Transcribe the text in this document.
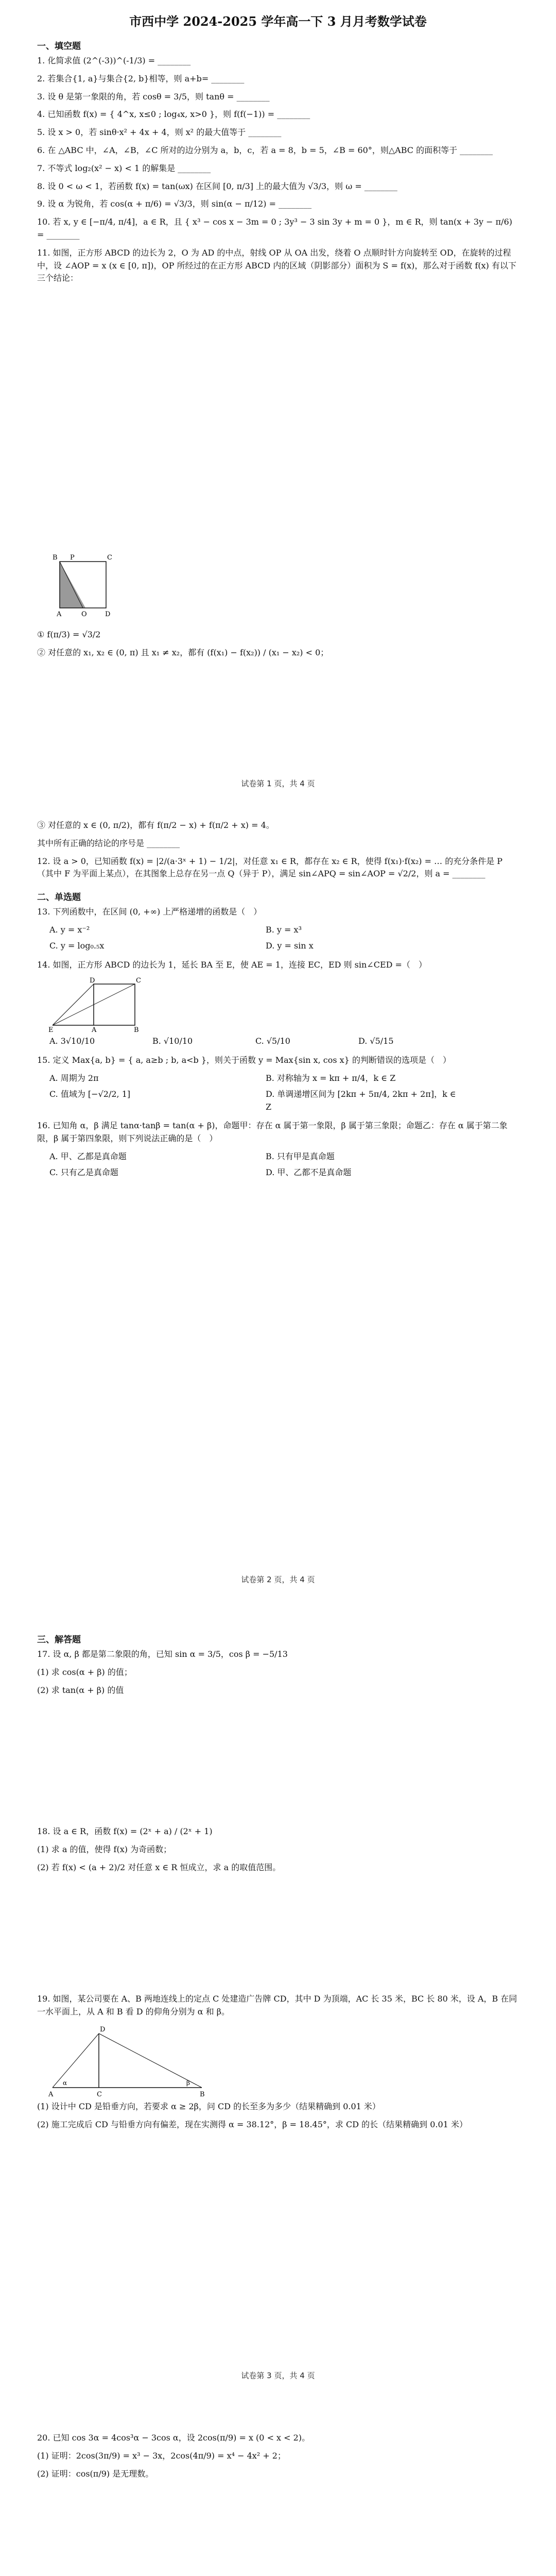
市西中学 2024-2025 学年高一下 3 月月考数学试卷
一、填空题

1. 化简求值 (2^(-3))^(-1/3) = ________

2. 若集合{1, a}与集合{2, b}相等，则 a+b= ________

3. 设 θ 是第一象限的角，若 cosθ = 3/5，则 tanθ = ________

4. 已知函数 f(x) = { 4^x, x≤0 ; log₄x, x>0 }，则 f(f(−1)) = ________

5. 设 x > 0，若 sinθ·x² + 4x + 4，则 x² 的最大值等于 ________

6. 在 △ABC 中，∠A，∠B，∠C 所对的边分别为 a，b，c，若 a = 8，b = 5，∠B = 60°，则△ABC 的面积等于 ________

7. 不等式 log₂(x² − x) < 1 的解集是 ________

8. 设 0 < ω < 1，若函数 f(x) = tan(ωx) 在区间 [0, π/3] 上的最大值为 √3/3，则 ω = ________

9. 设 α 为锐角，若 cos(α + π/6) = √3/3，则 sin(α − π/12) = ________

10. 若 x, y ∈ [−π/4, π/4]，a ∈ R，且 { x³ − cos x − 3m = 0 ; 3y³ − 3 sin 3y + m = 0 }，m ∈ R，则 tan(x + 3y − π/6) = ________

11. 如图，正方形 ABCD 的边长为 2，O 为 AD 的中点，射线 OP 从 OA 出发，绕着 O 点顺时针方向旋转至 OD，在旋转的过程中，设 ∠AOP = x (x ∈ [0, π])，OP 所经过的在正方形 ABCD 内的区域（阴影部分）面积为 S = f(x)，那么对于函数 f(x) 有以下三个结论：

B P	C
A	O	D

① f(π/3) = √3/2

② 对任意的 x₁, x₂ ∈ (0, π) 且 x₁ ≠ x₂，都有 (f(x₁) − f(x₂)) / (x₁ − x₂) < 0；

试卷第 1 页，共 4 页

③ 对任意的 x ∈ (0, π/2)，都有 f(π/2 − x) + f(π/2 + x) = 4。

其中所有正确的结论的序号是 ________

12. 设 a > 0，已知函数 f(x) = |2/(a·3ˣ + 1) − 1/2|，对任意 x₁ ∈ R，都存在 x₂ ∈ R，使得 f(x₁)·f(x₂) = … 的充分条件是 P（其中 F 为平面上某点），在其图象上总存在另一点 Q（异于 P），满足 sin∠APQ = sin∠AOP = √2/2，则 a = ________

二、单选题

13. 下列函数中，在区间 (0, +∞) 上严格递增的函数是（　）

A. y = x⁻²	B. y = x³
C. y = log₀.₅x	D. y = sin x

14. 如图，正方形 ABCD 的边长为 1，延长 BA 至 E，使 AE = 1，连接 EC，ED 则 sin∠CED =（　）

D	C
E	A	B
A. 3√10/10	B. √10/10	C. √5/10	D. √5/15

15. 定义 Max{a, b} = { a, a≥b ; b, a<b }，则关于函数 y = Max{sin x, cos x} 的判断错误的选项是（　）

A. 周期为 2π	B. 对称轴为 x = kπ + π/4，k ∈ Z
C. 值域为 [−√2/2, 1]	D. 单调递增区间为 [2kπ + 5π/4, 2kπ + 2π]，k ∈ Z

16. 已知角 α，β 满足 tanα·tanβ = tan(α + β)，命题甲：存在 α 属于第一象限，β 属于第三象限；命题乙：存在 α 属于第二象限，β 属于第四象限，则下列说法正确的是（　）

A. 甲、乙都是真命题	B. 只有甲是真命题
C. 只有乙是真命题	D. 甲、乙都不是真命题
试卷第 2 页，共 4 页
三、解答题

17. 设 α, β 都是第二象限的角，已知 sin α = 3/5，cos β = −5/13

(1) 求 cos(α + β) 的值；

(2) 求 tan(α + β) 的值

18. 设 a ∈ R，函数 f(x) = (2ˣ + a) / (2ˣ + 1)

(1) 求 a 的值，使得 f(x) 为奇函数；

(2) 若 f(x) < (a + 2)/2 对任意 x ∈ R 恒成立，求 a 的取值范围。

19. 如图，某公司要在 A、B 两地连线上的定点 C 处建造广告牌 CD，其中 D 为顶端，AC 长 35 米，BC 长 80 米，设 A，B 在同一水平面上，从 A 和 B 看 D 的仰角分别为 α 和 β。

D
A	C	B
α	β

(1) 设计中 CD 是铅垂方向，若要求 α ≥ 2β，问 CD 的长至多为多少（结果精确到 0.01 米）

(2) 施工完成后 CD 与铅垂方向有偏差，现在实测得 α = 38.12°，β = 18.45°，求 CD 的长（结果精确到 0.01 米）

试卷第 3 页，共 4 页

20. 已知 cos 3α = 4cos³α − 3cos α，设 2cos(π/9) = x (0 < x < 2)。

(1) 证明：2cos(3π/9) = x³ − 3x，2cos(4π/9) = x⁴ − 4x² + 2；

(2) 证明：cos(π/9) 是无理数。
